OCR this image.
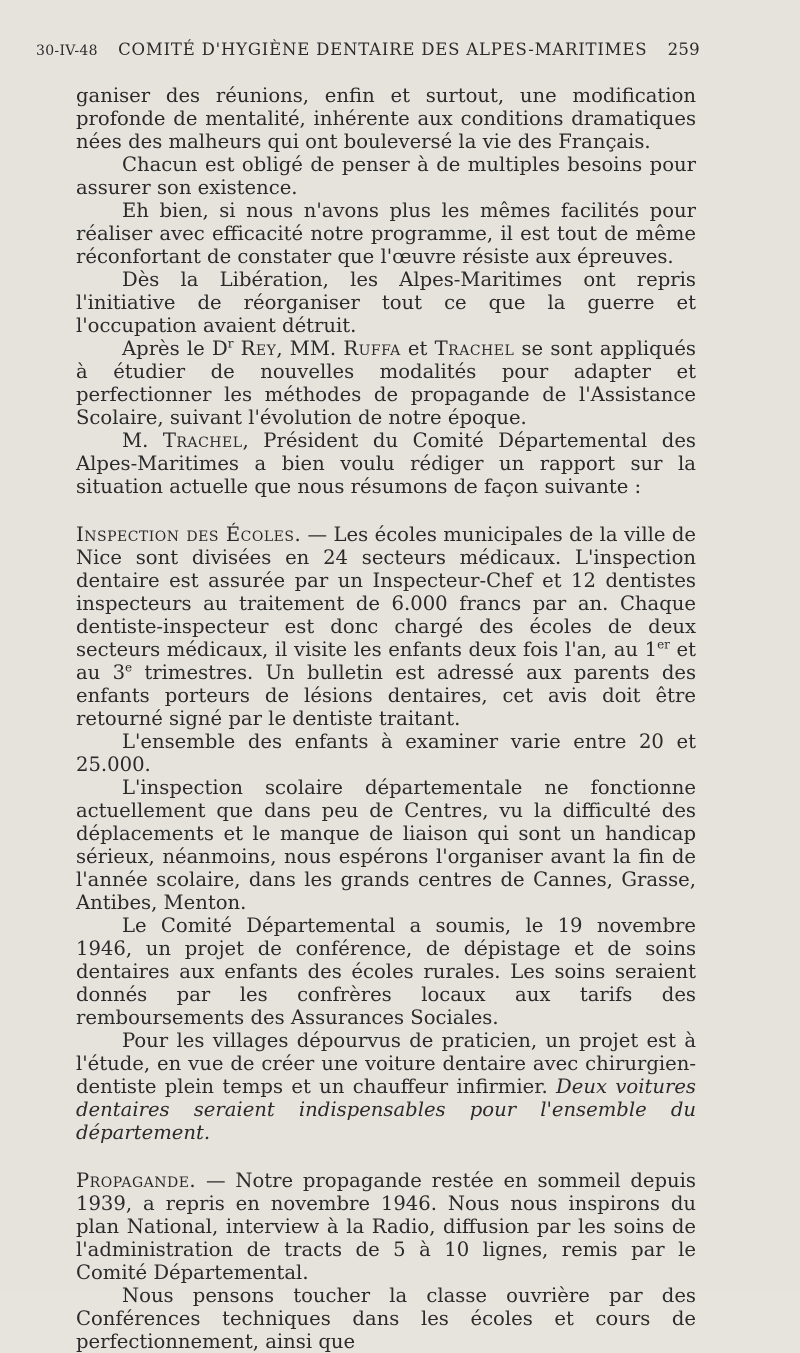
30-IV-48 COMITÉ D'HYGIÈNE DENTAIRE DES ALPES-MARITIMES 259

ganiser des réunions, enfin et surtout, une modification profonde de mentalité, inhérente aux conditions dramatiques nées des malheurs qui ont bouleversé la vie des Français.

Chacun est obligé de penser à de multiples besoins pour assurer son existence.

Eh bien, si nous n'avons plus les mêmes facilités pour réaliser avec efficacité notre programme, il est tout de même réconfortant de constater que l'œuvre résiste aux épreuves.

Dès la Libération, les Alpes-Maritimes ont repris l'initiative de réorganiser tout ce que la guerre et l'occupation avaient détruit.

Après le $D^r$ Rey, MM. Ruffa et Trachel se sont appliqués à étudier de nouvelles modalités pour adapter et perfectionner les méthodes de propagande de l'Assistance Scolaire, suivant l'évolution de notre époque.

M. Trachel, Président du Comité Départemental des Alpes-Maritimes a bien voulu rédiger un rapport sur la situation actuelle que nous résumons de façon suivante :

Inspection des Écoles. — Les écoles municipales de la ville de Nice sont divisées en 24 secteurs médicaux. L'inspection dentaire est assurée par un Inspecteur-Chef et 12 dentistes inspecteurs au traitement de 6.000 francs par an. Chaque dentiste-inspecteur est donc chargé des écoles de deux secteurs médicaux, il visite les enfants deux fois l'an, au 1er et au 3e trimestres. Un bulletin est adressé aux parents des enfants porteurs de lésions dentaires, cet avis doit être retourné signé par le dentiste traitant.

L'ensemble des enfants à examiner varie entre 20 et 25.000.

L'inspection scolaire départementale ne fonctionne actuellement que dans peu de Centres, vu la difficulté des déplacements et le manque de liaison qui sont un handicap sérieux, néanmoins, nous espérons l'organiser avant la fin de l'année scolaire, dans les grands centres de Cannes, Grasse, Antibes, Menton.

Le Comité Départemental a soumis, le 19 novembre 1946, un projet de conférence, de dépistage et de soins dentaires aux enfants des écoles rurales. Les soins seraient donnés par les confrères locaux aux tarifs des remboursements des Assurances Sociales.

Pour les villages dépourvus de praticien, un projet est à l'étude, en vue de créer une voiture dentaire avec chirurgien-dentiste plein temps et un chauffeur infirmier. Deux voitures dentaires seraient indispensables pour l'ensemble du département.

Propagande. — Notre propagande restée en sommeil depuis 1939, a repris en novembre 1946. Nous nous inspirons du plan National, interview à la Radio, diffusion par les soins de l'administration de tracts de 5 à 10 lignes, remis par le Comité Départemental.

Nous pensons toucher la classe ouvrière par des Conférences techniques dans les écoles et cours de perfectionnement, ainsi que
